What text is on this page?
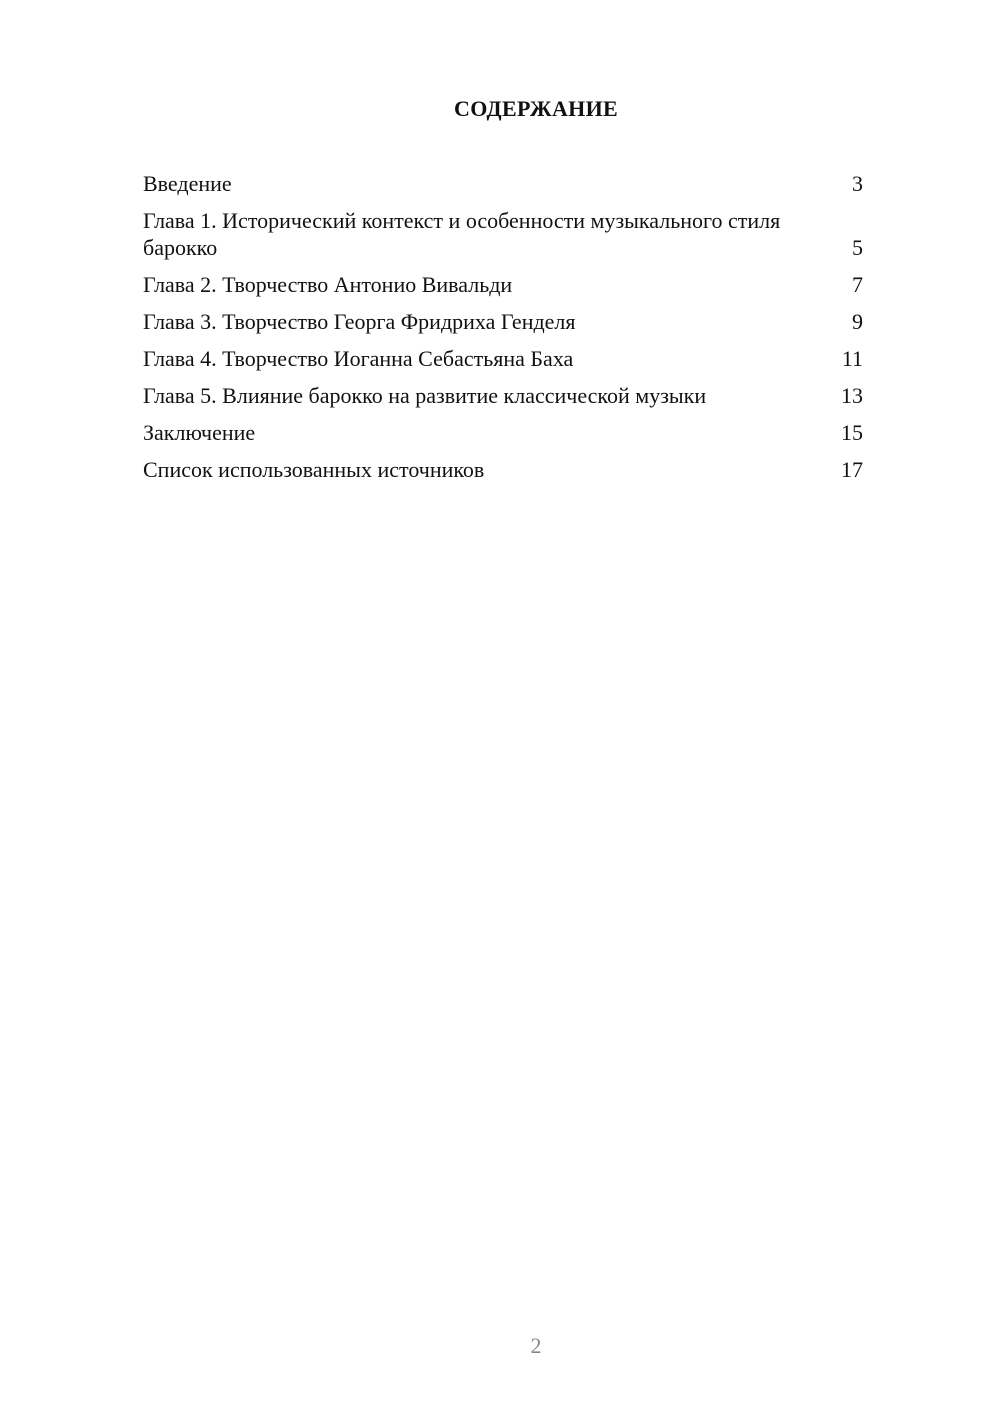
СОДЕРЖАНИЕ
Введение	3
Глава 1. Исторический контекст и особенности музыкального стиля барокко	5
Глава 2. Творчество Антонио Вивальди	7
Глава 3. Творчество Георга Фридриха Генделя	9
Глава 4. Творчество Иоганна Себастьяна Баха	11
Глава 5. Влияние барокко на развитие классической музыки	13
Заключение	15
Список использованных источников	17
2
